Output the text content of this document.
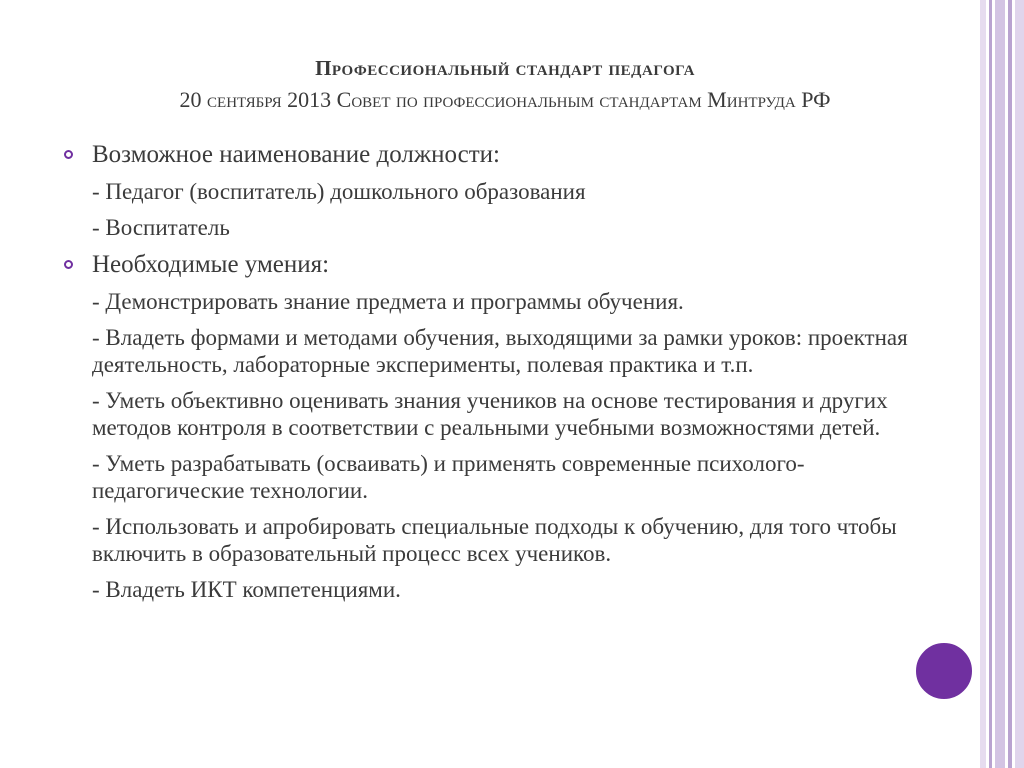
Профессиональный стандарт педагога
20 сентября 2013 Совет по профессиональным стандартам Минтруда РФ
Возможное наименование должности:
- Педагог (воспитатель) дошкольного образования
- Воспитатель
Необходимые умения:
- Демонстрировать знание предмета и программы обучения.
- Владеть формами и методами обучения, выходящими за рамки уроков: проектная деятельность, лабораторные эксперименты, полевая практика и т.п.
- Уметь объективно оценивать знания учеников на основе тестирования и других методов контроля в соответствии с реальными учебными возможностями детей.
- Уметь разрабатывать (осваивать) и применять современные психолого-педагогические технологии.
- Использовать и апробировать специальные подходы к обучению, для того чтобы включить в образовательный процесс всех учеников.
- Владеть ИКТ компетенциями.
